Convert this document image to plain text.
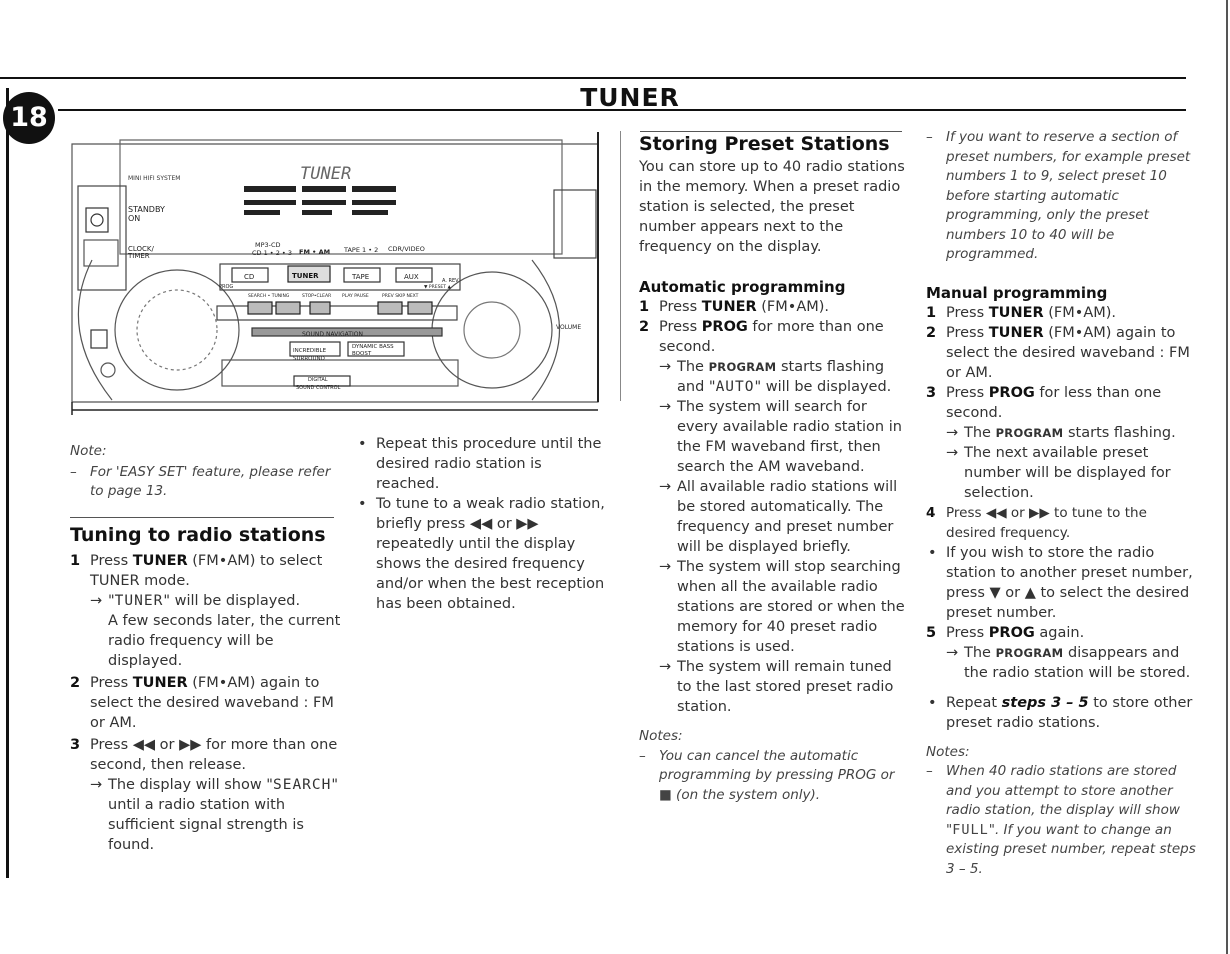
18
TUNER
MINI HIFI SYSTEM	TUNER
STANDBY
ON
CLOCK/
TIMER
MP3-CD
CD 1 • 2 • 3 FM • AM TAPE 1 • 2 CDR/VIDEO
CD	TUNER	TAPE	AUX
PROG
SEARCH • TUNING	STOP•CLEAR PLAY PAUSE	PREV SKIP NEXT
▼ PRESET ▲
A. REV
SOUND NAVIGATION
INCREDIBLE
SURROUND
DYNAMIC BASS
BOOST
DIGITAL
SOUND CONTROL
VOLUME
Note:
– For 'EASY SET' feature, please refer to page 13.
Tuning to radio stations
1 Press TUNER (FM•AM) to select TUNER mode.
→ "TUNER" will be displayed.
A few seconds later, the current radio frequency will be displayed.
2 Press TUNER (FM•AM) again to select the desired waveband : FM or AM.
3 Press ◀◀ or ▶▶ for more than one second, then release.
→ The display will show "SEARCH" until a radio station with sufficient signal strength is found.
• Repeat this procedure until the desired radio station is reached.
• To tune to a weak radio station, briefly press ◀◀ or ▶▶ repeatedly until the display shows the desired frequency and/or when the best reception has been obtained.
Storing Preset Stations

You can store up to 40 radio stations in the memory. When a preset radio station is selected, the preset number appears next to the frequency on the display.

Automatic programming
1 Press TUNER (FM•AM).
2 Press PROG for more than one second.
→ The PROGRAM starts flashing and "AUTO" will be displayed.
→ The system will search for every available radio station in the FM waveband first, then search the AM waveband.
→ All available radio stations will be stored automatically. The frequency and preset number will be displayed briefly.
→ The system will stop searching when all the available radio stations are stored or when the memory for 40 preset radio stations is used.
→ The system will remain tuned to the last stored preset radio station.
Notes:
– You can cancel the automatic programming by pressing PROG or ■ (on the system only).
– If you want to reserve a section of preset numbers, for example preset numbers 1 to 9, select preset 10 before starting automatic programming, only the preset numbers 10 to 40 will be programmed.
Manual programming
1 Press TUNER (FM•AM).
2 Press TUNER (FM•AM) again to select the desired waveband : FM or AM.
3 Press PROG for less than one second.
→ The PROGRAM starts flashing.
→ The next available preset number will be displayed for selection.
4 Press ◀◀ or ▶▶ to tune to the desired frequency.
• If you wish to store the radio station to another preset number, press ▼ or ▲ to select the desired preset number.
5 Press PROG again.
→ The PROGRAM disappears and the radio station will be stored.
• Repeat steps 3 – 5 to store other preset radio stations.
Notes:
– When 40 radio stations are stored and you attempt to store another radio station, the display will show "FULL". If you want to change an existing preset number, repeat steps 3 – 5.
